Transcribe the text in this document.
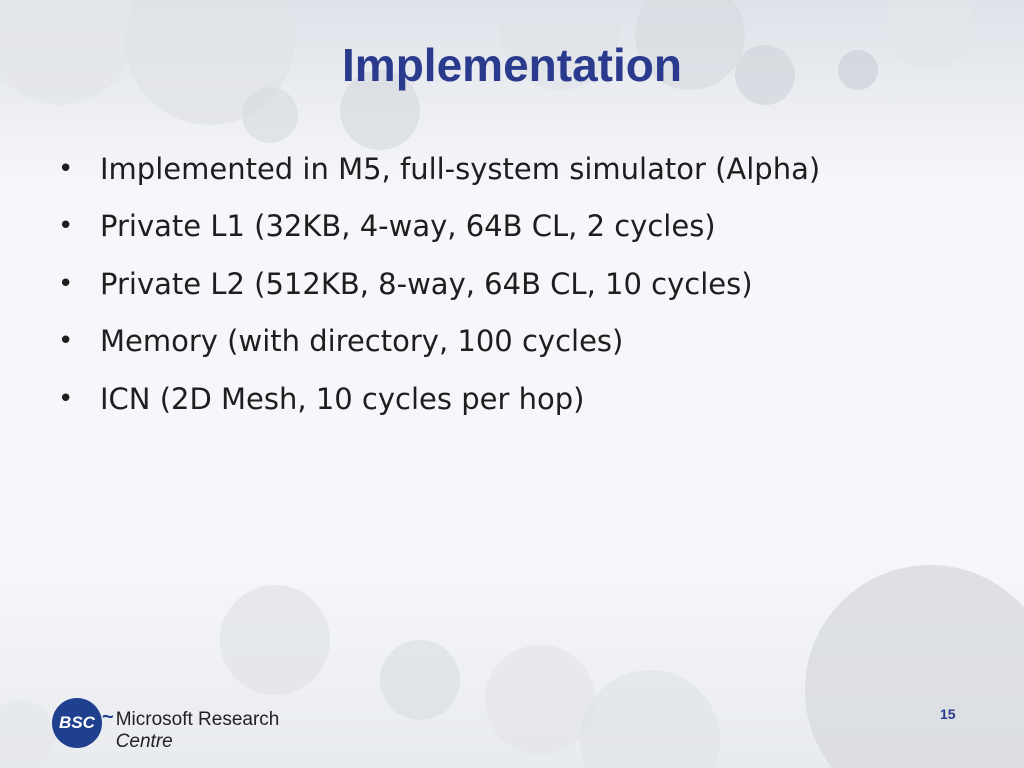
Implementation
• Implemented in M5, full-system simulator (Alpha)
• Private L1 (32KB, 4-way, 64B CL, 2 cycles)
• Private L2 (512KB, 8-way, 64B CL, 10 cycles)
• Memory (with directory, 100 cycles)
• ICN (2D Mesh, 10 cycles per hop)
BSC ~ Microsoft Research
Centre
15
